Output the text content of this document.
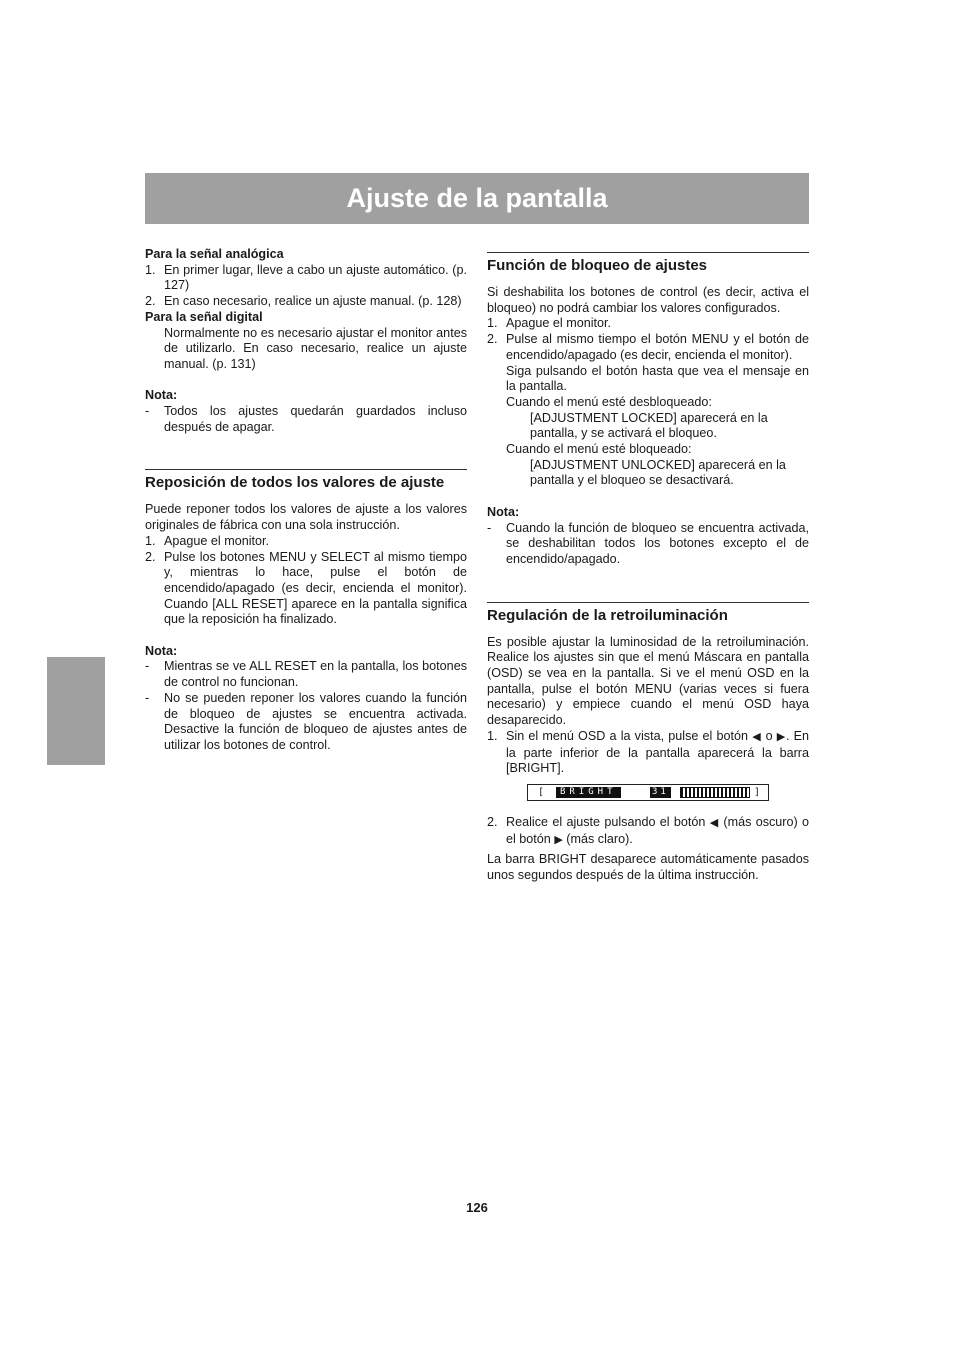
Ajuste de la pantalla

Para la señal analógica

1. En primer lugar, lleve a cabo un ajuste automático. (p. 127)
2. En caso necesario, realice un ajuste manual. (p. 128)

Para la señal digital

Normalmente no es necesario ajustar el monitor antes de utilizarlo. En caso necesario, realice un ajuste manual. (p. 131)

Nota:

- Todos los ajustes quedarán guardados incluso después de apagar.
Reposición de todos los valores de ajuste

Puede reponer todos los valores de ajuste a los valores originales de fábrica con una sola instrucción.

1. Apague el monitor.
2. Pulse los botones MENU y SELECT al mismo tiempo y, mientras lo hace, pulse el botón de encendido/apagado (es decir, encienda el monitor). Cuando [ALL RESET] aparece en la pantalla significa que la reposición ha finalizado.

Nota:

- Mientras se ve ALL RESET en la pantalla, los botones de control no funcionan.
- No se pueden reponer los valores cuando la función de bloqueo de ajustes se encuentra activada. Desactive la función de bloqueo de ajustes antes de utilizar los botones de control.
Función de bloqueo de ajustes

Si deshabilita los botones de control (es decir, activa el bloqueo) no podrá cambiar los valores configurados.

1. Apague el monitor.
2. Pulse al mismo tiempo el botón MENU y el botón de encendido/apagado (es decir, encienda el monitor).

Siga pulsando el botón hasta que vea el mensaje en la pantalla.

Cuando el menú esté desbloqueado:

[ADJUSTMENT LOCKED] aparecerá en la pantalla, y se activará el bloqueo.

Cuando el menú esté bloqueado:

[ADJUSTMENT UNLOCKED] aparecerá en la pantalla y el bloqueo se desactivará.

Nota:

- Cuando la función de bloqueo se encuentra activada, se deshabilitan todos los botones excepto el de encendido/apagado.
Regulación de la retroiluminación

Es posible ajustar la luminosidad de la retroiluminación. Realice los ajustes sin que el menú Máscara en pantalla (OSD) se vea en la pantalla. Si ve el menú OSD en la pantalla, pulse el botón MENU (varias veces si fuera necesario) y empiece cuando el menú OSD haya desaparecido.

1. Sin el menú OSD a la vista, pulse el botón ◀ o ▶. En la parte inferior de la pantalla aparecerá la barra [BRIGHT].
[	BRIGHT	31	]
2. Realice el ajuste pulsando el botón ◀ (más oscuro) o el botón ▶ (más claro).

La barra BRIGHT desaparece automáticamente pasados unos segundos después de la última instrucción.

126
